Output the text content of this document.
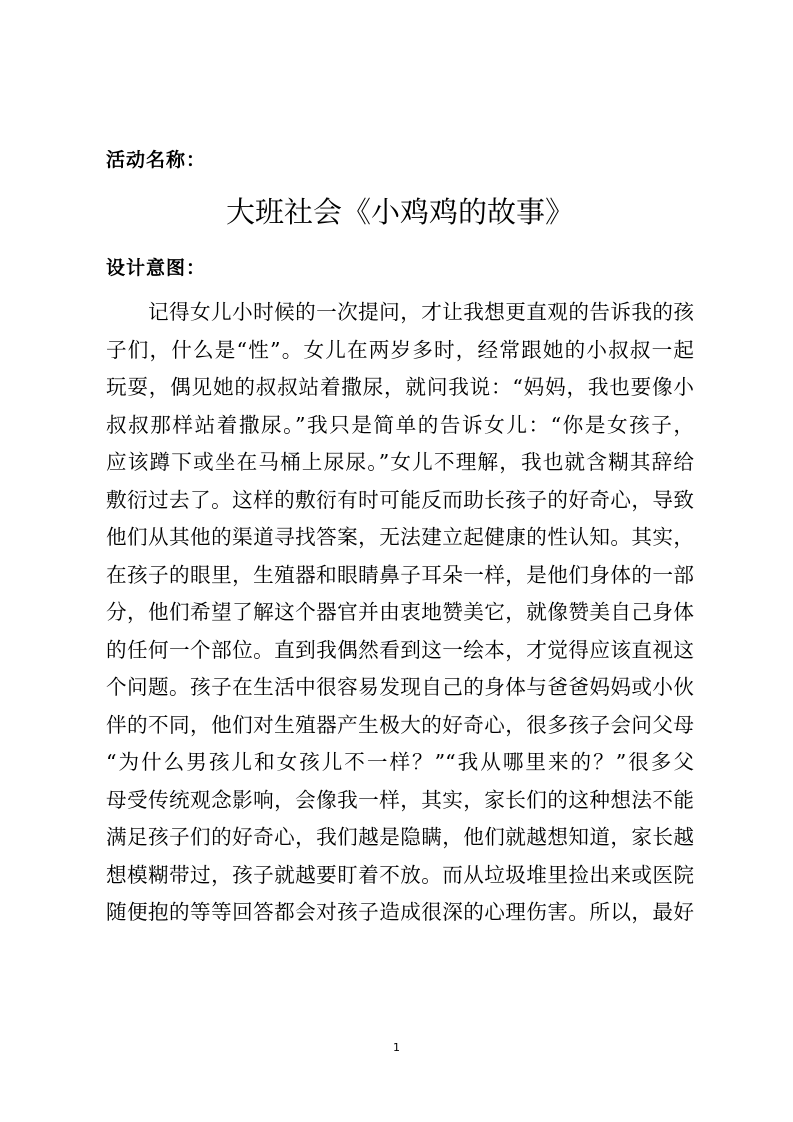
活动名称：
大班社会《小鸡鸡的故事》
设计意图：
记得女儿小时候的一次提问，才让我想更直观的告诉我的孩
子们，什么是“性”。女儿在两岁多时，经常跟她的小叔叔一起
玩耍，偶见她的叔叔站着撒尿，就问我说：“妈妈，我也要像小
叔叔那样站着撒尿。”我只是简单的告诉女儿：“你是女孩子，
应该蹲下或坐在马桶上尿尿。”女儿不理解，我也就含糊其辞给
敷衍过去了。这样的敷衍有时可能反而助长孩子的好奇心，导致
他们从其他的渠道寻找答案，无法建立起健康的性认知。其实，
在孩子的眼里，生殖器和眼睛鼻子耳朵一样，是他们身体的一部
分，他们希望了解这个器官并由衷地赞美它，就像赞美自己身体
的任何一个部位。直到我偶然看到这一绘本，才觉得应该直视这
个问题。孩子在生活中很容易发现自己的身体与爸爸妈妈或小伙
伴的不同，他们对生殖器产生极大的好奇心，很多孩子会问父母
“为什么男孩儿和女孩儿不一样？”“我从哪里来的？”很多父
母受传统观念影响，会像我一样，其实，家长们的这种想法不能
满足孩子们的好奇心，我们越是隐瞒，他们就越想知道，家长越
想模糊带过，孩子就越要盯着不放。而从垃圾堆里捡出来或医院
随便抱的等等回答都会对孩子造成很深的心理伤害。所以，最好
1
